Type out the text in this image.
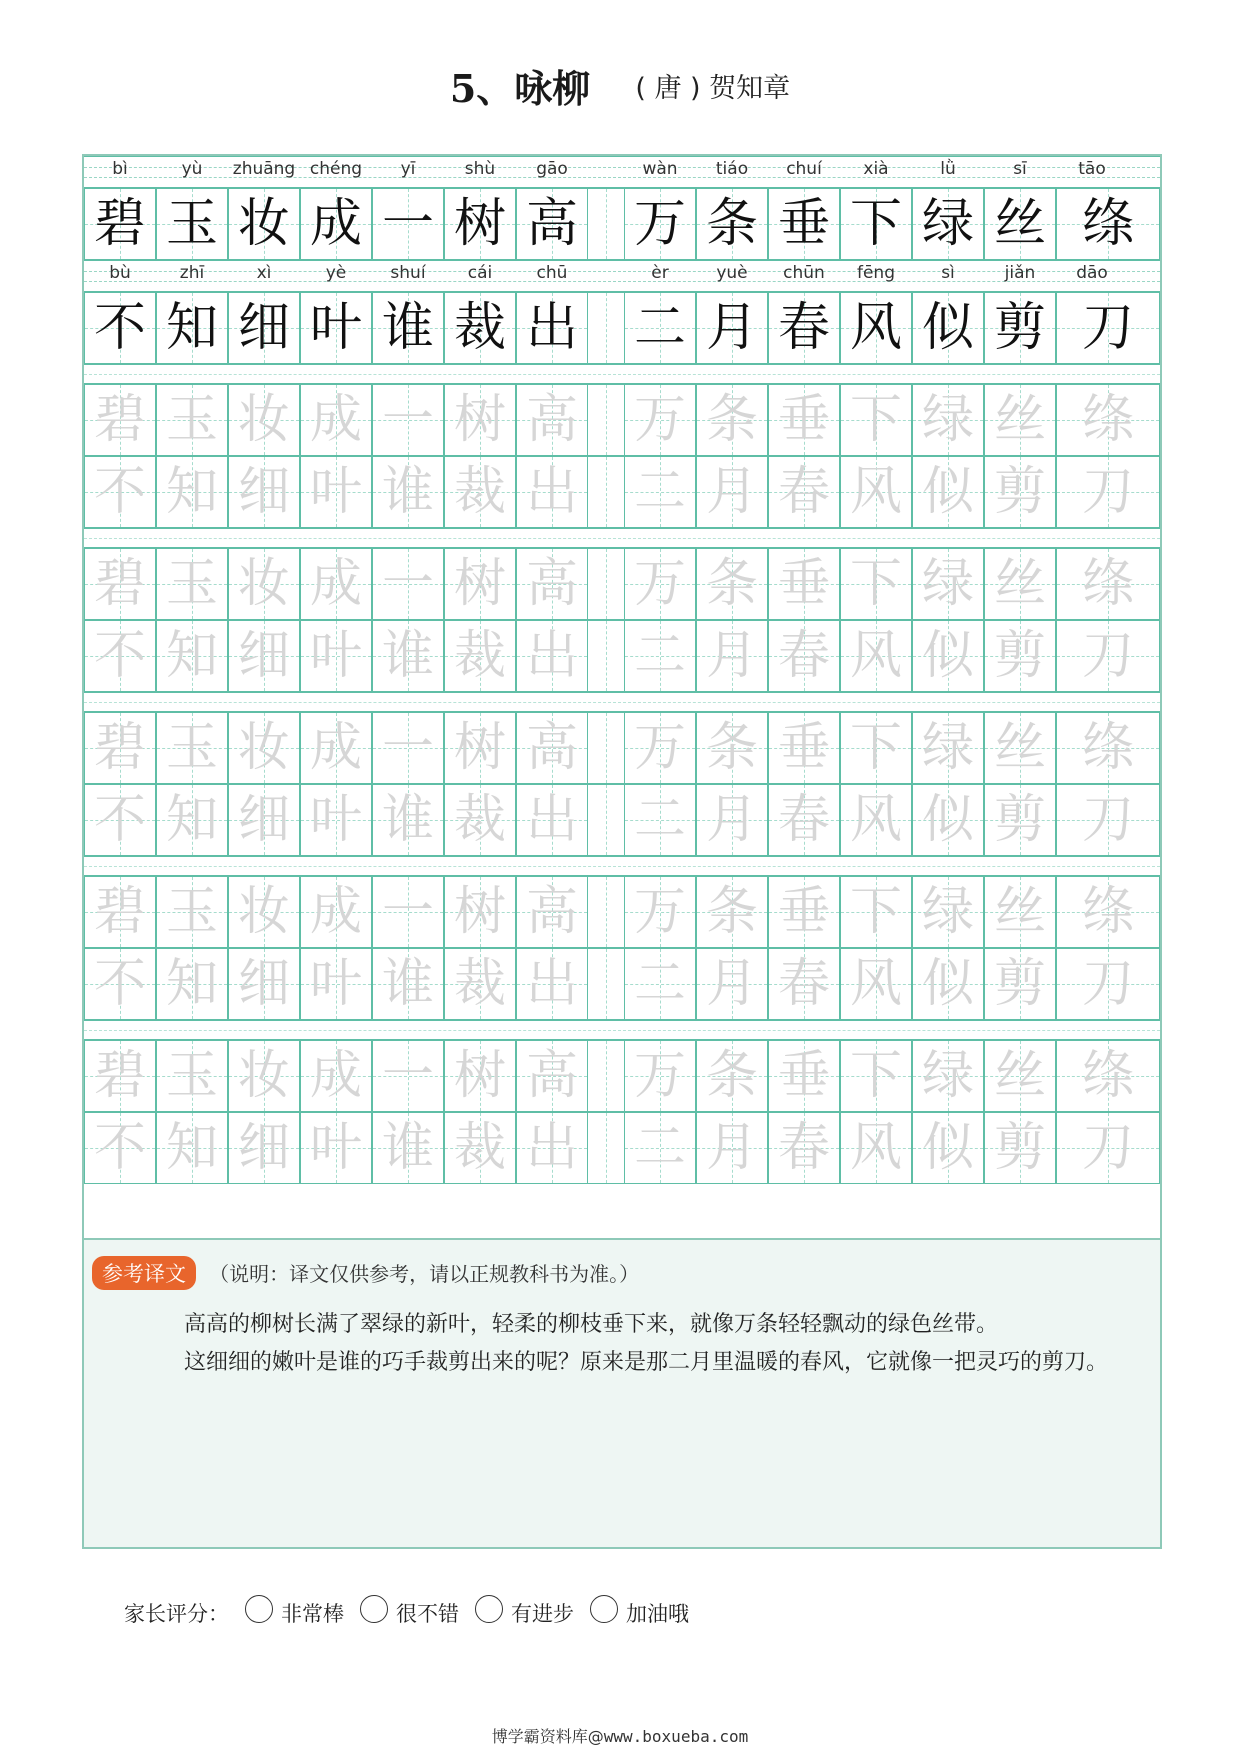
5、咏柳 ( 唐 ) 贺知章
bì	yù	zhuāng chéng	yī	shù	gāo	wàn	tiáo	chuí	xià	lǜ	sī	tāo
碧 玉 妆 成 一 树 高 万 条 垂 下 绿 丝 绦
bù	zhī	xì	yè	shuí	cái	chū	èr	yuè	chūn	fēng	sì	jiǎn	dāo
不 知 细 叶 谁 裁 出 二 月 春 风 似 剪 刀
碧 玉 妆 成 一 树 高 万 条 垂 下 绿 丝 绦
不 知 细 叶 谁 裁 出 二 月 春 风 似 剪 刀
碧 玉 妆 成 一 树 高 万 条 垂 下 绿 丝 绦
不 知 细 叶 谁 裁 出 二 月 春 风 似 剪 刀
碧 玉 妆 成 一 树 高 万 条 垂 下 绿 丝 绦
不 知 细 叶 谁 裁 出 二 月 春 风 似 剪 刀
碧 玉 妆 成 一 树 高 万 条 垂 下 绿 丝 绦
不 知 细 叶 谁 裁 出 二 月 春 风 似 剪 刀
碧 玉 妆 成 一 树 高 万 条 垂 下 绿 丝 绦
不 知 细 叶 谁 裁 出 二 月 春 风 似 剪 刀
参考译文 （说明：译文仅供参考，请以正规教科书为准。）
高高的柳树长满了翠绿的新叶，轻柔的柳枝垂下来，就像万条轻轻飘动的绿色丝带。
这细细的嫩叶是谁的巧手裁剪出来的呢？原来是那二月里温暖的春风，它就像一把灵巧的剪刀。
家长评分： 非常棒 很不错 有进步 加油哦
博学霸资料库@www.boxueba.com
